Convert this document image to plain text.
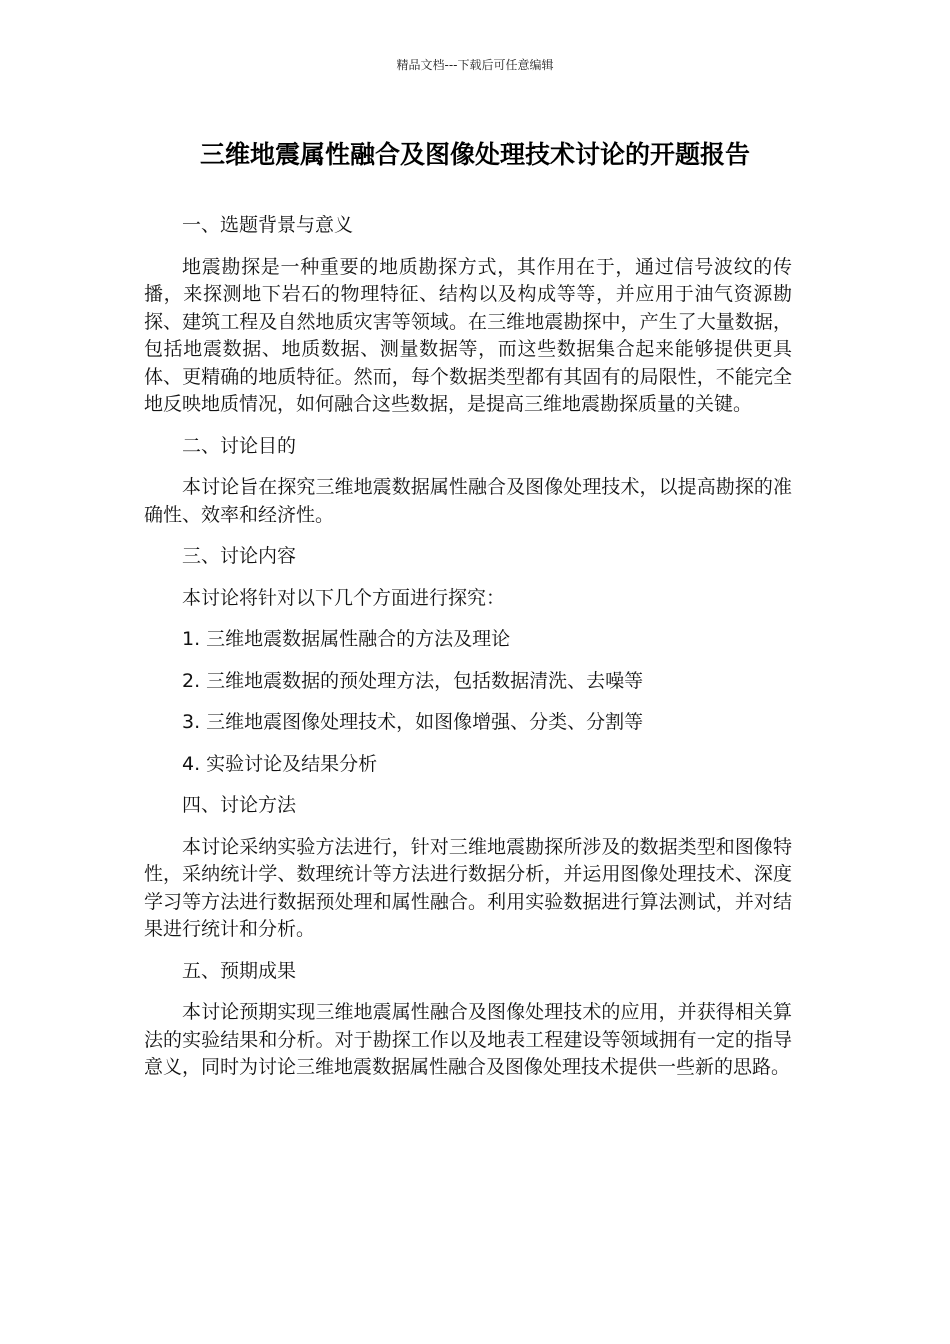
精品文档---下载后可任意编辑
三维地震属性融合及图像处理技术讨论的开题报告

一、选题背景与意义

地震勘探是一种重要的地质勘探方式，其作用在于，通过信号波纹的传播，来探测地下岩石的物理特征、结构以及构成等等，并应用于油气资源勘探、建筑工程及自然地质灾害等领域。在三维地震勘探中，产生了大量数据，包括地震数据、地质数据、测量数据等，而这些数据集合起来能够提供更具体、更精确的地质特征。然而，每个数据类型都有其固有的局限性，不能完全地反映地质情况，如何融合这些数据，是提高三维地震勘探质量的关键。

二、讨论目的

本讨论旨在探究三维地震数据属性融合及图像处理技术，以提高勘探的准确性、效率和经济性。

三、讨论内容

本讨论将针对以下几个方面进行探究：

1. 三维地震数据属性融合的方法及理论

2. 三维地震数据的预处理方法，包括数据清洗、去噪等

3. 三维地震图像处理技术，如图像增强、分类、分割等

4. 实验讨论及结果分析

四、讨论方法

本讨论采纳实验方法进行，针对三维地震勘探所涉及的数据类型和图像特性，采纳统计学、数理统计等方法进行数据分析，并运用图像处理技术、深度学习等方法进行数据预处理和属性融合。利用实验数据进行算法测试，并对结果进行统计和分析。

五、预期成果

本讨论预期实现三维地震属性融合及图像处理技术的应用，并获得相关算法的实验结果和分析。对于勘探工作以及地表工程建设等领域拥有一定的指导意义，同时为讨论三维地震数据属性融合及图像处理技术提供一些新的思路。
